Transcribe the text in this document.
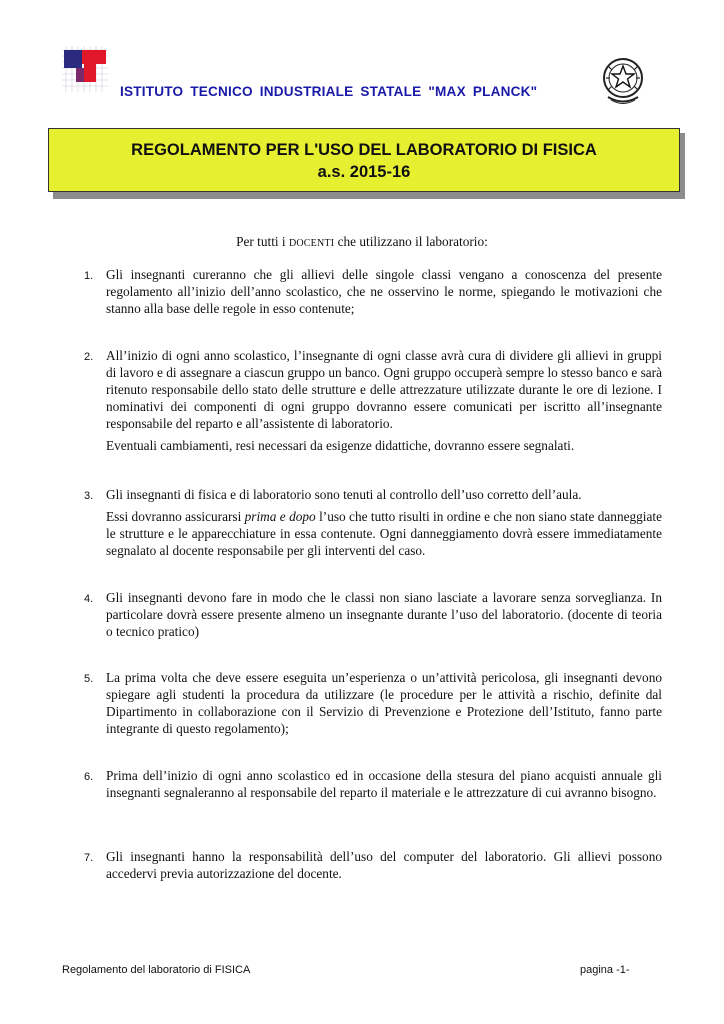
ISTITUTO TECNICO INDUSTRIALE STATALE "MAX PLANCK"
REGOLAMENTO PER L'USO DEL LABORATORIO DI FISICA
a.s. 2015-16
Per tutti i DOCENTI che utilizzano il laboratorio:
1. Gli insegnanti cureranno che gli allievi delle singole classi vengano a conoscenza del presente regolamento all’inizio dell’anno scolastico, che ne osservino le norme, spiegando le motivazioni che stanno alla base delle regole in esso contenute;

2. All’inizio di ogni anno scolastico, l’insegnante di ogni classe avrà cura di dividere gli allievi in gruppi di lavoro e di assegnare a ciascun gruppo un banco. Ogni gruppo occuperà sempre lo stesso banco e sarà ritenuto responsabile dello stato delle strutture e delle attrezzature utilizzate durante le ore di lezione. I nominativi dei componenti di ogni gruppo dovranno essere comunicati per iscritto all’insegnante responsabile del reparto e all’assistente di laboratorio.

Eventuali cambiamenti, resi necessari da esigenze didattiche, dovranno essere segnalati.

3. Gli insegnanti di fisica e di laboratorio sono tenuti al controllo dell’uso corretto dell’aula.

Essi dovranno assicurarsi prima e dopo l’uso che tutto risulti in ordine e che non siano state danneggiate le strutture e le apparecchiature in essa contenute. Ogni danneggiamento dovrà essere immediatamente segnalato al docente responsabile per gli interventi del caso.

4. Gli insegnanti devono fare in modo che le classi non siano lasciate a lavorare senza sorveglianza. In particolare dovrà essere presente almeno un insegnante durante l’uso del laboratorio. (docente di teoria o tecnico pratico)

5. La prima volta che deve essere eseguita un’esperienza o un’attività pericolosa, gli insegnanti devono spiegare agli studenti la procedura da utilizzare (le procedure per le attività a rischio, definite dal Dipartimento in collaborazione con il Servizio di Prevenzione e Protezione dell’Istituto, fanno parte integrante di questo regolamento);

6. Prima dell’inizio di ogni anno scolastico ed in occasione della stesura del piano acquisti annuale gli insegnanti segnaleranno al responsabile del reparto il materiale e le attrezzature di cui avranno bisogno.

7. Gli insegnanti hanno la responsabilità dell’uso del computer del laboratorio. Gli allievi possono accedervi previa autorizzazione del docente.

Regolamento del laboratorio di FISICA	pagina -1-
